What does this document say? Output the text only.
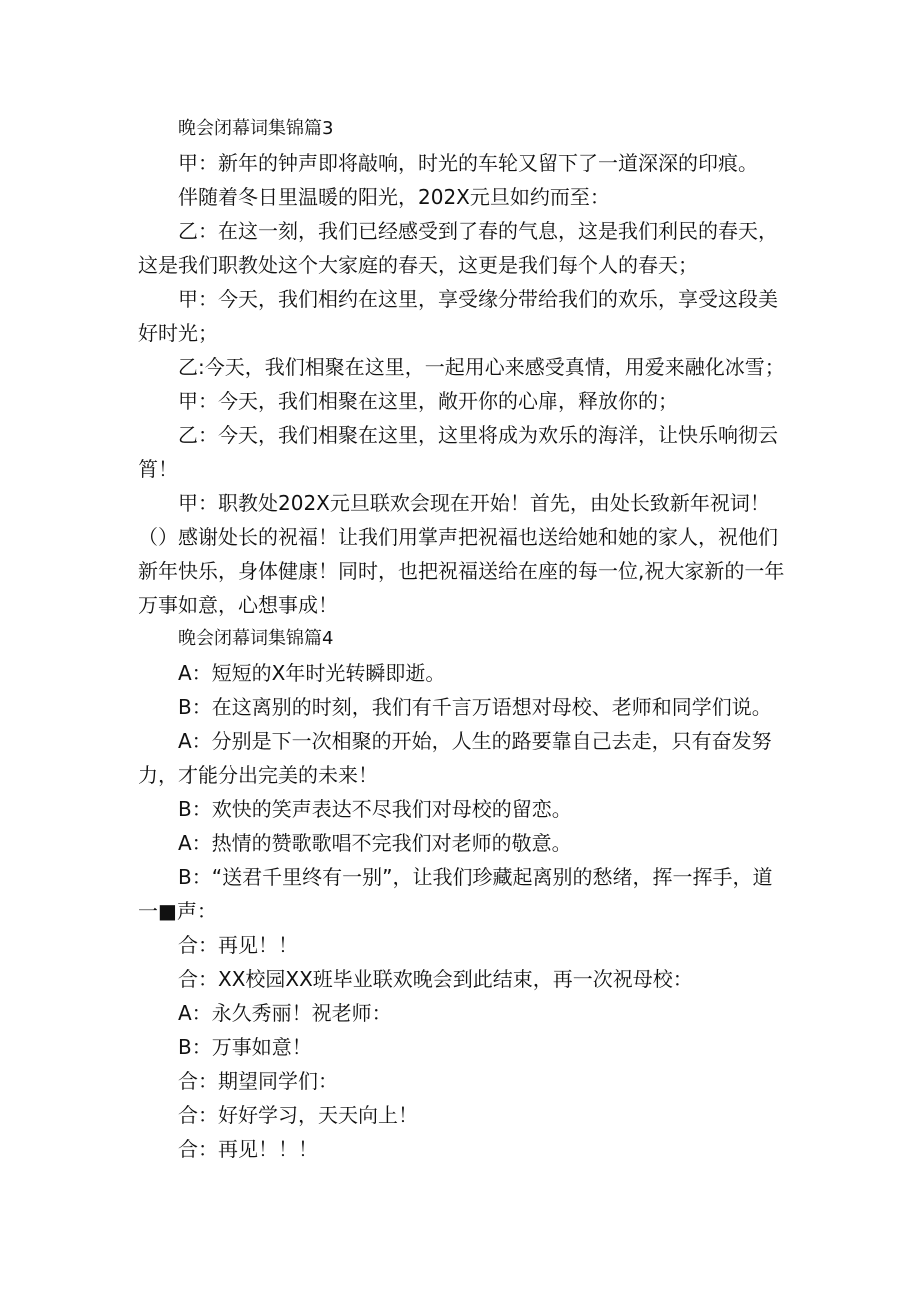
晚会闭幕词集锦篇3

甲：新年的钟声即将敲响，时光的车轮又留下了一道深深的印痕。

伴随着冬日里温暖的阳光，202X元旦如约而至：

乙：在这一刻，我们已经感受到了春的气息，这是我们利民的春天，

这是我们职教处这个大家庭的春天，这更是我们每个人的春天；

甲：今天，我们相约在这里，享受缘分带给我们的欢乐，享受这段美

好时光；

乙:今天，我们相聚在这里，一起用心来感受真情，用爱来融化冰雪；

甲：今天，我们相聚在这里，敞开你的心扉，释放你的；

乙：今天，我们相聚在这里，这里将成为欢乐的海洋，让快乐响彻云

筲！

甲：职教处202X元旦联欢会现在开始！首先，由处长致新年祝词！

（）感谢处长的祝福！让我们用掌声把祝福也送给她和她的家人，祝他们

新年快乐，身体健康！同时，也把祝福送给在座的每一位,祝大家新的一年

万事如意，心想事成！

晚会闭幕词集锦篇4

A：短短的X年时光转瞬即逝。

B：在这离别的时刻，我们有千言万语想对母校、老师和同学们说。

A：分别是下一次相聚的开始，人生的路要靠自己去走，只有奋发努

力，才能分出完美的未来！

B：欢快的笑声表达不尽我们对母校的留恋。

A：热情的赞歌歌唱不完我们对老师的敬意。

B：“送君千里终有一别”，让我们珍藏起离别的愁绪，挥一挥手，道

一■声：

合：再见！！

合：XX校园XX班毕业联欢晚会到此结束，再一次祝母校：

A：永久秀丽！祝老师：

B：万事如意！

合：期望同学们：

合：好好学习，天天向上！

合：再见！！！
